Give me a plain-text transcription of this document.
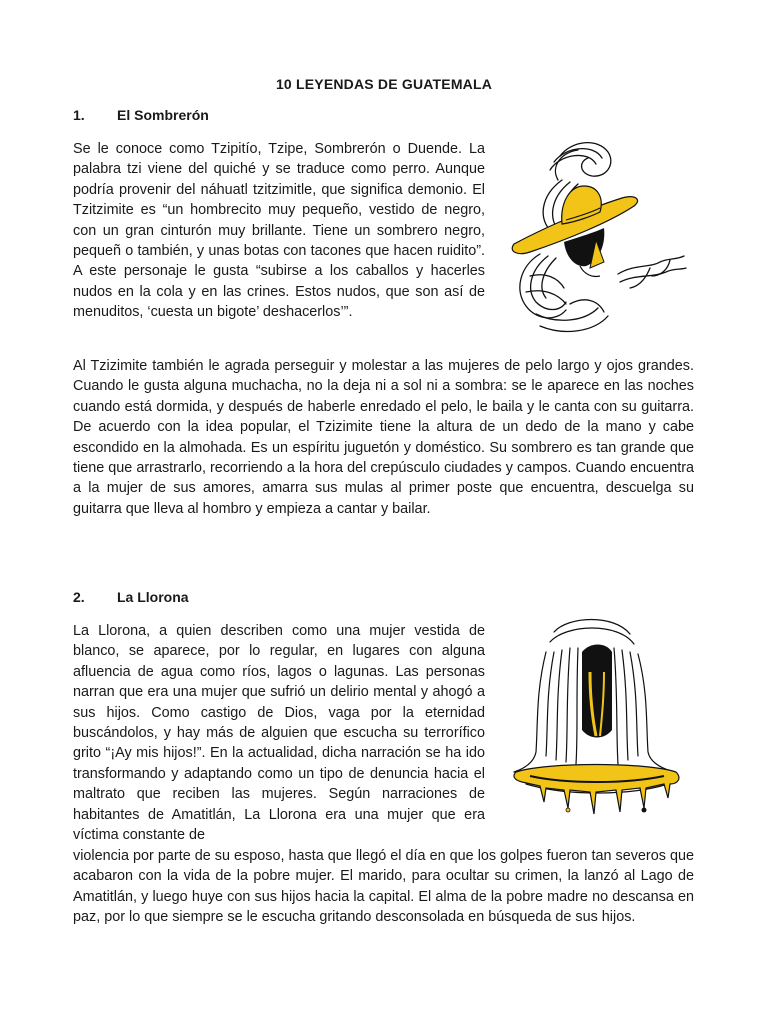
10 LEYENDAS DE GUATEMALA
1. El Sombrerón

Se le conoce como Tzipitío, Tzipe, Sombrerón o Duende. La palabra tzi viene del quiché y se traduce como perro. Aunque podría provenir del náhuatl tzitzimitle, que significa demonio. El Tzitzimite es “un hombrecito muy pequeño, vestido de negro, con un gran cinturón muy brillante. Tiene un sombrero negro, pequeñ o también, y unas botas con tacones que hacen ruidito”. A este personaje le gusta “subirse a los caballos y hacerles nudos en la cola y en las crines. Estos nudos, que son así de menuditos, ‘cuesta un bigote’ deshacerlos’”.

Al Tzizimite también le agrada perseguir y molestar a las mujeres de pelo largo y ojos grandes. Cuando le gusta alguna muchacha, no la deja ni a sol ni a sombra: se le aparece en las noches cuando está dormida, y después de haberle enredado el pelo, le baila y le canta con su guitarra. De acuerdo con la idea popular, el Tzizimite tiene la altura de un dedo de la mano y cabe escondido en la almohada. Es un espíritu juguetón y doméstico. Su sombrero es tan grande que tiene que arrastrarlo, recorriendo a la hora del crepúsculo ciudades y campos. Cuando encuentra a la mujer de sus amores, amarra sus mulas al primer poste que encuentra, descuelga su guitarra que lleva al hombro y empieza a cantar y bailar.

2. La Llorona

La Llorona, a quien describen como una mujer vestida de blanco, se aparece, por lo regular, en lugares con alguna afluencia de agua como ríos, lagos o lagunas. Las personas narran que era una mujer que sufrió un delirio mental y ahogó a sus hijos. Como castigo de Dios, vaga por la eternidad buscándolos, y hay más de alguien que escucha su terrorífico grito “¡Ay mis hijos!”. En la actualidad, dicha narración se ha ido transformando y adaptando como un tipo de denuncia hacia el maltrato que reciben las mujeres. Según narraciones de habitantes de Amatitlán, La Llorona era una mujer que era víctima constante de

violencia por parte de su esposo, hasta que llegó el día en que los golpes fueron tan severos que acabaron con la vida de la pobre mujer. El marido, para ocultar su crimen, la lanzó al Lago de Amatitlán, y luego huye con sus hijos hacia la capital. El alma de la pobre madre no descansa en paz, por lo que siempre se le escucha gritando desconsolada en búsqueda de sus hijos.
